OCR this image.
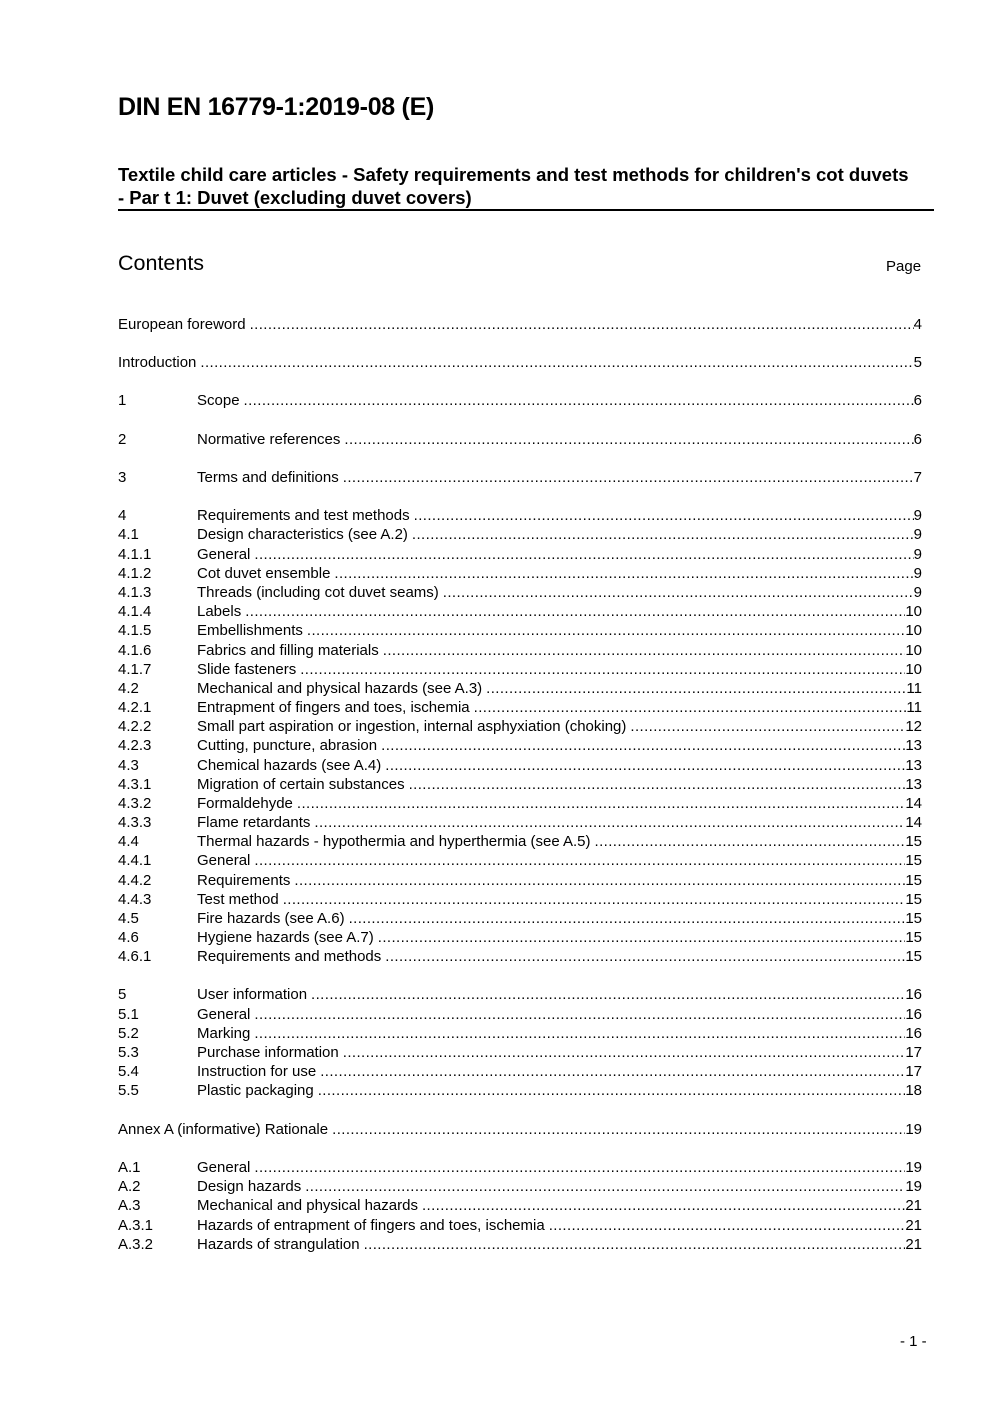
DIN EN 16779-1:2019-08 (E)
Textile child care articles - Safety requirements and test methods for children's cot duvets - Par t 1: Duvet (excluding duvet covers)
Contents	Page
European foreword .....	4
Introduction .....	5
1	Scope .....	6
2	Normative references .....	6
3	Terms and definitions .....	7
4	Requirements and test methods .....	9
4.1	Design characteristics (see A.2) .....	9
4.1.1	General .....	9
4.1.2	Cot duvet ensemble .....	9
4.1.3	Threads (including cot duvet seams) .....	9
4.1.4	Labels .....	10
4.1.5	Embellishments .....	10
4.1.6	Fabrics and filling materials .....	10
4.1.7	Slide fasteners .....	10
4.2	Mechanical and physical hazards (see A.3) .....	11
4.2.1	Entrapment of fingers and toes, ischemia .....	11
4.2.2	Small part aspiration or ingestion, internal asphyxiation (choking) .....	12
4.2.3	Cutting, puncture, abrasion .....	13
4.3	Chemical hazards (see A.4) .....	13
4.3.1	Migration of certain substances .....	13
4.3.2	Formaldehyde .....	14
4.3.3	Flame retardants .....	14
4.4	Thermal hazards - hypothermia and hyperthermia (see A.5) .....	15
4.4.1	General .....	15
4.4.2	Requirements .....	15
4.4.3	Test method .....	15
4.5	Fire hazards (see A.6) .....	15
4.6	Hygiene hazards (see A.7) .....	15
4.6.1	Requirements and methods .....	15
5	User information .....	16
5.1	General .....	16
5.2	Marking .....	16
5.3	Purchase information .....	17
5.4	Instruction for use .....	17
5.5	Plastic packaging .....	18
Annex A (informative) Rationale .....	19
A.1	General .....	19
A.2	Design hazards .....	19
A.3	Mechanical and physical hazards .....	21
A.3.1	Hazards of entrapment of fingers and toes, ischemia .....	21
A.3.2	Hazards of strangulation .....	21
- 1 -
